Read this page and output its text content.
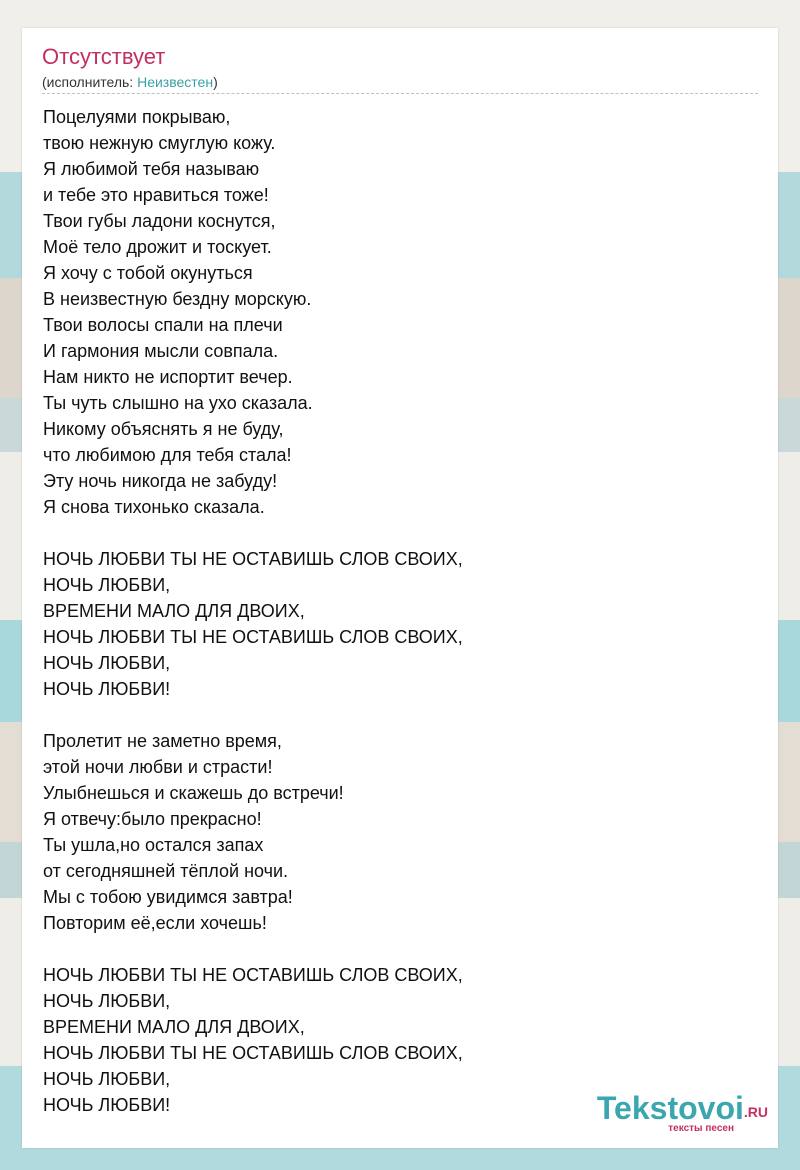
Отсутствует
(исполнитель: Неизвестен)
Поцелуями покрываю,
твою нежную смуглую кожу.
Я любимой тебя называю
и тебе это нравиться тоже!
Твои губы ладони коснутся,
Моё тело дрожит и тоскует.
Я хочу с тобой окунуться
В неизвестную бездну морскую.
Твои волосы спали на плечи
И гармония мысли совпала.
Нам никто не испортит вечер.
Ты чуть слышно на ухо сказала.
Никому объяснять я не буду,
что любимою для тебя стала!
Эту ночь никогда не забуду!
Я снова тихонько сказала.
НОЧЬ ЛЮБВИ ТЫ НЕ ОСТАВИШЬ СЛОВ СВОИХ,
НОЧЬ ЛЮБВИ,
ВРЕМЕНИ МАЛО ДЛЯ ДВОИХ,
НОЧЬ ЛЮБВИ ТЫ НЕ ОСТАВИШЬ СЛОВ СВОИХ,
НОЧЬ ЛЮБВИ,
НОЧЬ ЛЮБВИ!
Пролетит не заметно время,
этой ночи любви и страсти!
Улыбнешься и скажешь до встречи!
Я отвечу:было прекрасно!
Ты ушла,но остался запах
от сегодняшней тёплой ночи.
Мы с тобою увидимся завтра!
Повторим её,если хочешь!
НОЧЬ ЛЮБВИ ТЫ НЕ ОСТАВИШЬ СЛОВ СВОИХ,
НОЧЬ ЛЮБВИ,
ВРЕМЕНИ МАЛО ДЛЯ ДВОИХ,
НОЧЬ ЛЮБВИ ТЫ НЕ ОСТАВИШЬ СЛОВ СВОИХ,
НОЧЬ ЛЮБВИ,
НОЧЬ ЛЮБВИ!	Tekstovoi.RU
тексты песен
